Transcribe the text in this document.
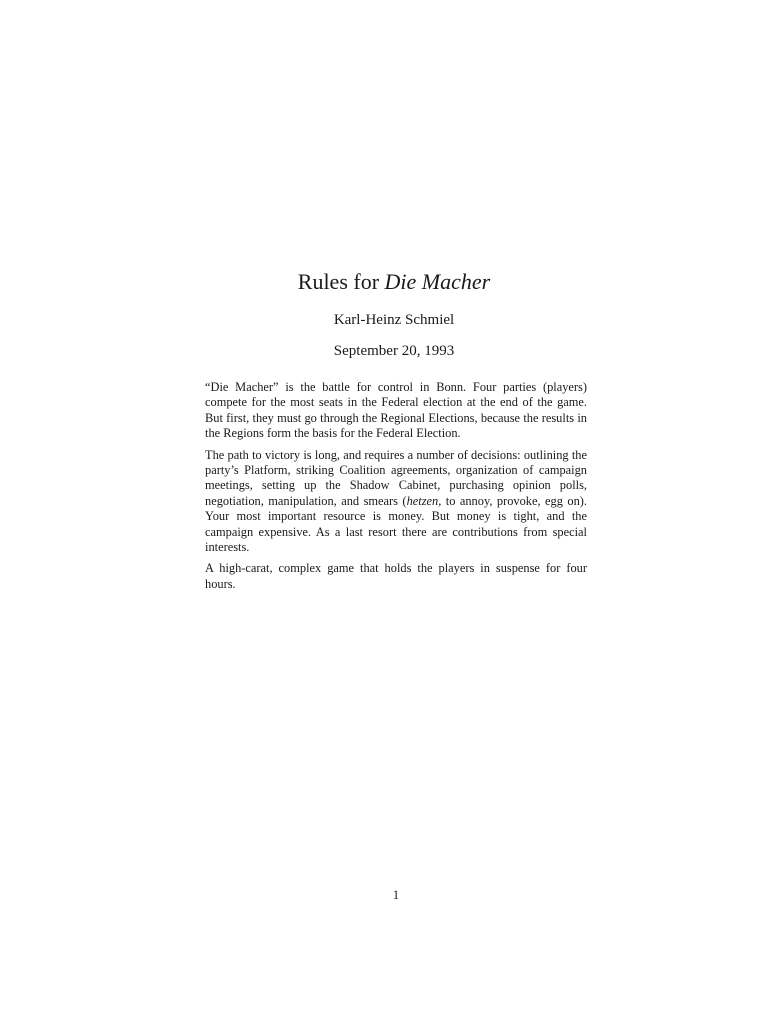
Rules for Die Macher
Karl-Heinz Schmiel
September 20, 1993

“Die Macher” is the battle for control in Bonn. Four parties (players) compete for the most seats in the Federal election at the end of the game. But first, they must go through the Regional Elections, because the results in the Regions form the basis for the Federal Election.

The path to victory is long, and requires a number of decisions: outlining the party’s Platform, striking Coalition agreements, organization of campaign meetings, setting up the Shadow Cabinet, purchasing opinion polls, negotiation, manipulation, and smears (hetzen, to annoy, provoke, egg on). Your most important resource is money. But money is tight, and the campaign expensive. As a last resort there are contributions from special interests.

A high-carat, complex game that holds the players in suspense for four hours.

1
